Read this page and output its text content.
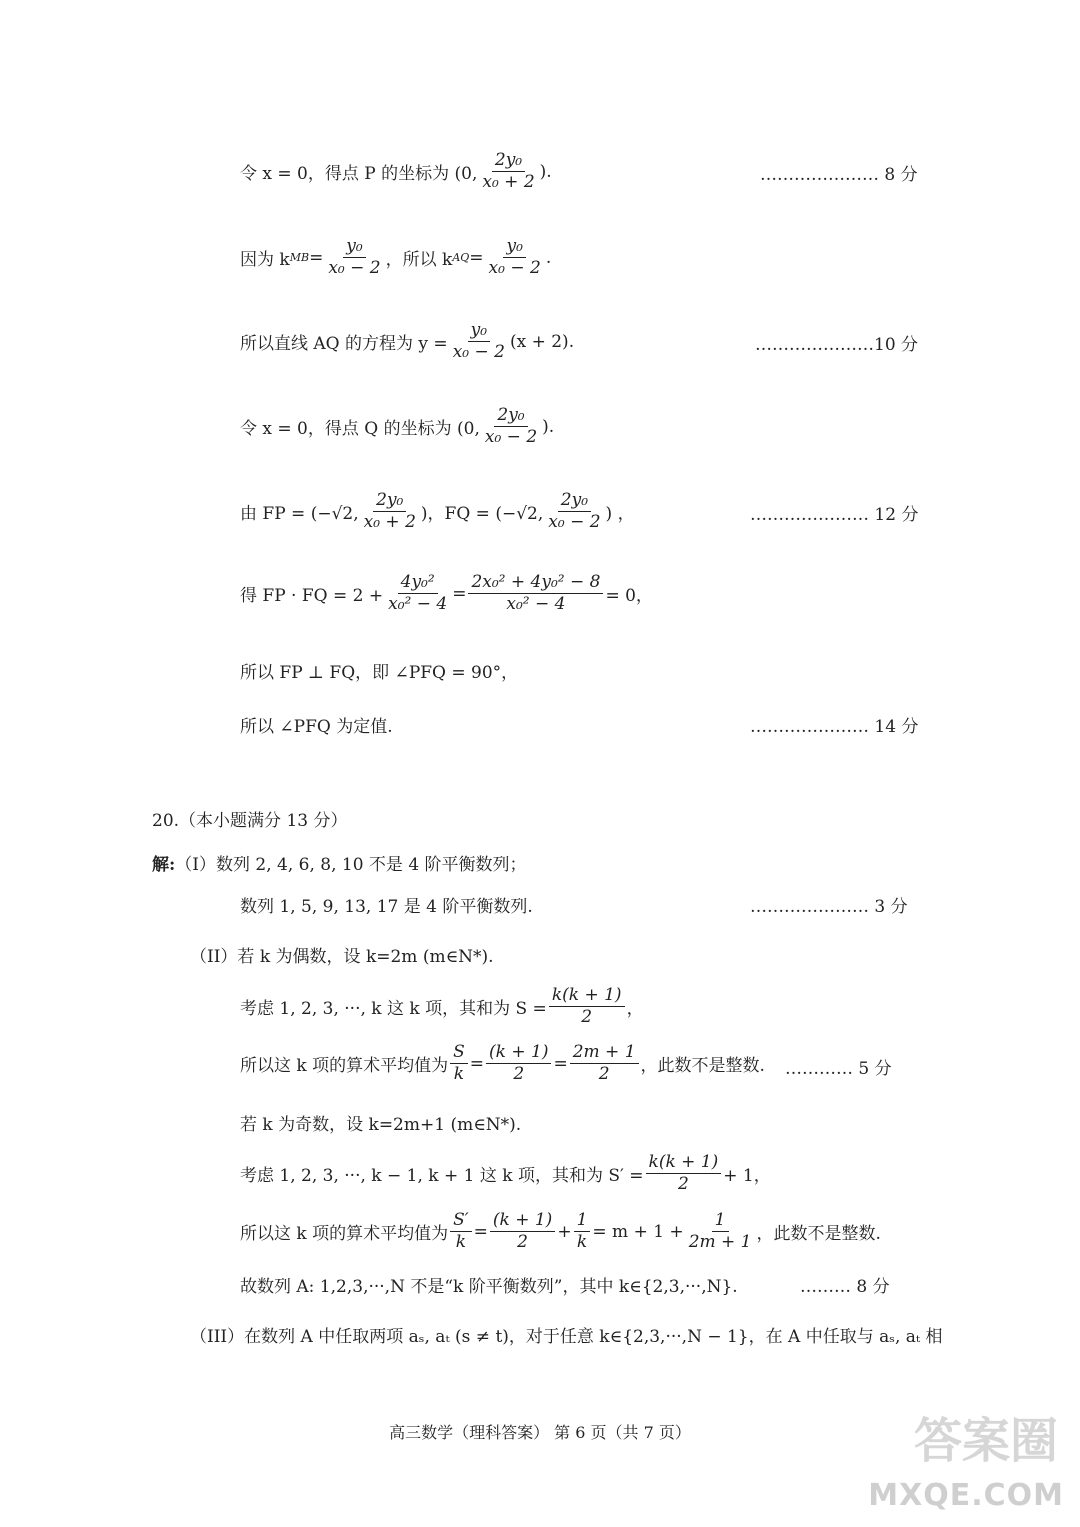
令 x = 0，得点 P 的坐标为 (0, $\frac{\text{2y₀}}{\text{x₀ + 2}}$ ).	………………… 8 分
因为 k MB = $\frac{\text{y₀}}{\text{x₀ − 2}}$ ，所以 k AQ = $\frac{\text{y₀}}{\text{x₀ − 2}}$ .
所以直线 AQ 的方程为 $y = \frac{\text{y₀}}{\text{x₀ − 2}} (x + 2)$.	…………………10 分
令 x = 0，得点 Q 的坐标为 (0, $\frac{\text{2y₀}}{\text{x₀ − 2}}$ ).
由 FP = (−√2, $\frac{\text{2y₀}}{\text{x₀ + 2}}$ )，FQ = (−√2, $\frac{\text{2y₀}}{\text{x₀ − 2}}$ ) ，	………………… 12 分
得 FP · FQ = $2 + \frac{\text{4y₀²}}{\text{x₀² − 4}} = \frac{\text{2x₀² + 4y₀² − 8}}{\text{x₀² − 4}} = 0$，
所以 FP ⊥ FQ，即 ∠PFQ = 90°，
所以 ∠PFQ 为定值.	………………… 14 分
20.（本小题满分 13 分）
解: （I）数列 2, 4, 6, 8, 10 不是 4 阶平衡数列；
数列 1, 5, 9, 13, 17 是 4 阶平衡数列.	………………… 3 分
（II）若 k 为偶数，设 k=2m (m∈N*).
考虑 1, 2, 3, ···, k 这 k 项，其和为 $S = \frac{k(k + 1)}{2}$ ，
所以这 k 项的算术平均值为 $\frac{S}{k} = \frac{(k + 1)}{2} = \frac{2m + 1}{2}$ ，此数不是整数. ………… 5 分
若 k 为奇数，设 k=2m+1 (m∈N*).
考虑 1, 2, 3, ···, k − 1, k + 1 这 k 项，其和为 $S' = \frac{k(k + 1)}{2} + 1$，
所以这 k 项的算术平均值为 $\frac{S'}{k} = \frac{(k + 1)}{2} + \frac{1}{k} = m + 1 + \frac{1}{2m + 1}$ ，此数不是整数.
故数列 A: 1,2,3,···,N 不是“k 阶平衡数列”，其中 k∈{2,3,···,N}.	……… 8 分
（III）在数列 A 中任取两项 aₛ, aₜ (s ≠ t)，对于任意 k∈{2,3,···,N − 1}，在 A 中任取与 aₛ, aₜ 相
高三数学（理科答案） 第 6 页（共 7 页）	答案圈
MXQE.COM
